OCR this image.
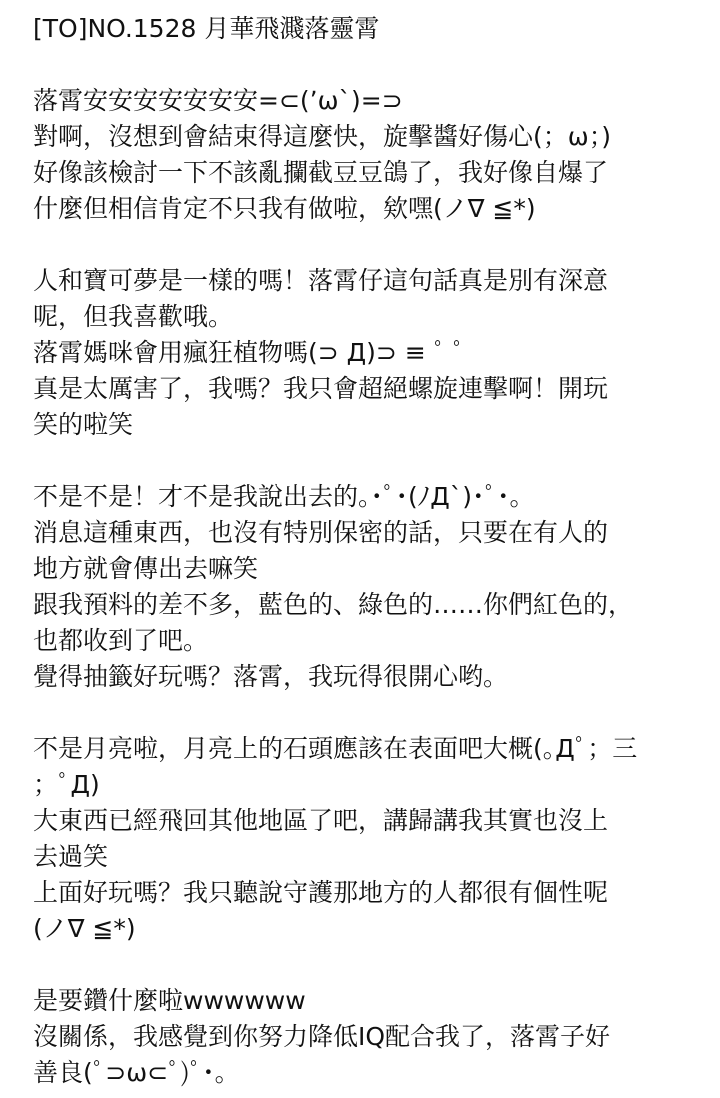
[TO]NO.1528 月華飛濺落靈霄
落霄安安安安安安安=⊂(ʼω`)=⊃
對啊，沒想到會結束得這麼快，旋擊醬好傷心(；ω；)
好像該檢討一下不該亂攔截豆豆鴿了，我好像自爆了
什麼但相信肯定不只我有做啦，欸嘿(ノ∇ ≦*)
人和寶可夢是一樣的嗎！落霄仔這句話真是別有深意
呢，但我喜歡哦。
落霄媽咪會用瘋狂植物嗎(⊃ Д)⊃ ≡ ﾟ ﾟ
真是太厲害了，我嗎？我只會超絕螺旋連擊啊！開玩
笑的啦笑
不是不是！才不是我說出去的｡･ﾟ･(ﾉД`)･ﾟ･｡
消息這種東西，也沒有特別保密的話，只要在有人的
地方就會傳出去嘛笑
跟我預料的差不多，藍色的、綠色的……你們紅色的，
也都收到了吧。
覺得抽籤好玩嗎？落霄，我玩得很開心哟。
不是月亮啦，月亮上的石頭應該在表面吧大概(｡Дﾟ；三
；ﾟД)
大東西已經飛回其他地區了吧，講歸講我其實也沒上
去過笑
上面好玩嗎？我只聽說守護那地方的人都很有個性呢
(ノ∇ ≦*)
是要鑽什麼啦wwwwww
沒關係，我感覺到你努力降低IQ配合我了，落霄子好
善良(ﾟ⊃ω⊂ﾟ)ﾟ･｡
